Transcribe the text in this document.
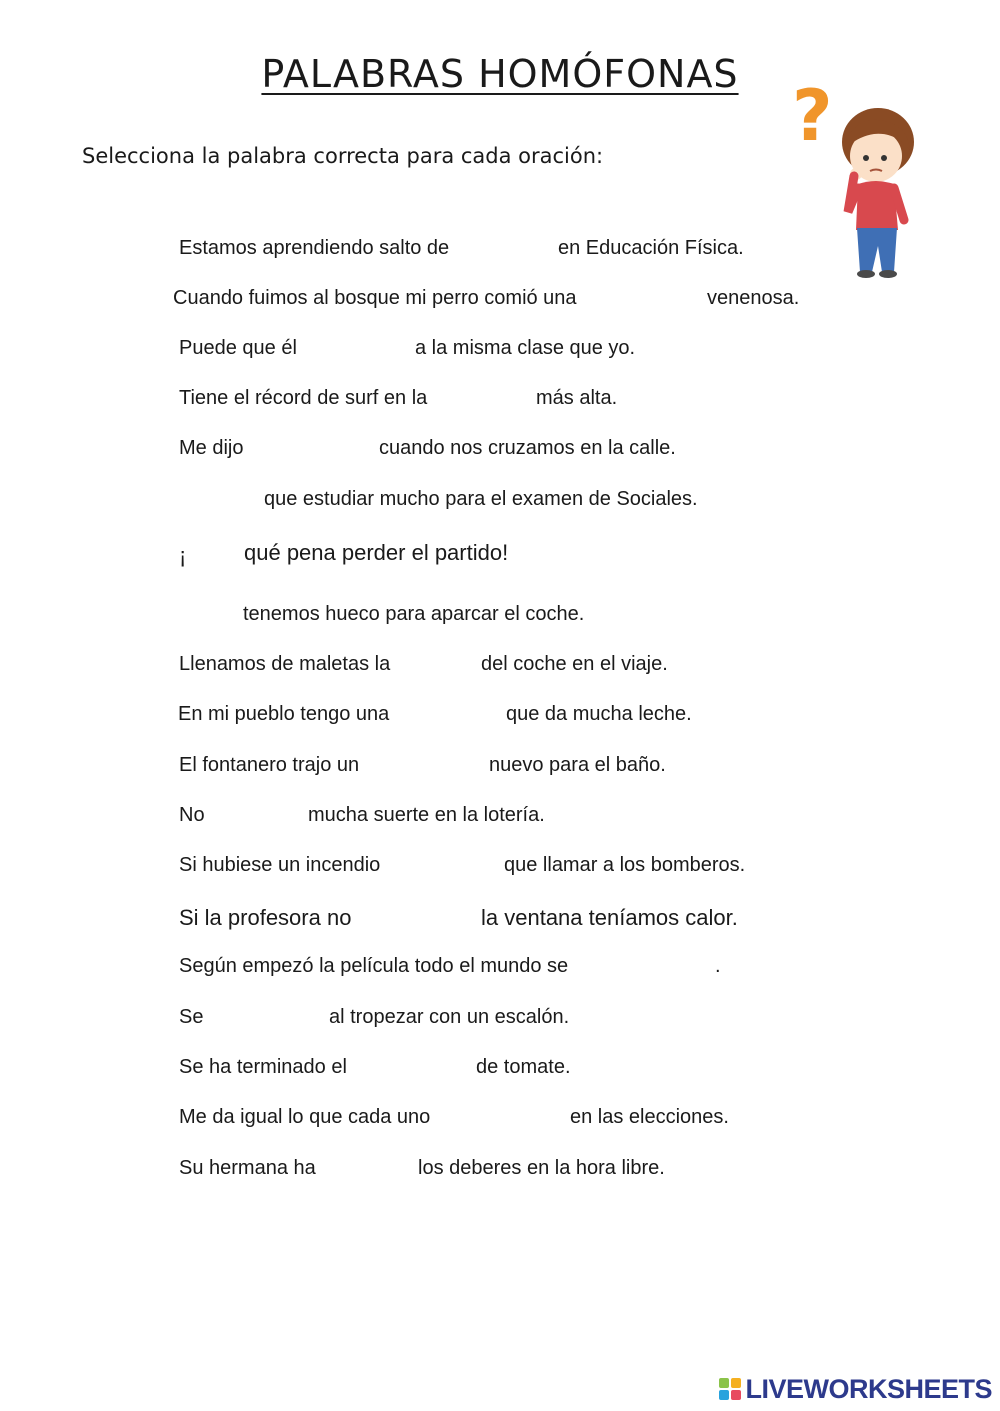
PALABRAS HOMÓFONAS
Selecciona la palabra correcta para cada oración:	?
Estamos aprendiendo salto de	en Educación Física.
Cuando fuimos al bosque mi perro comió una	venenosa.
Puede que él	a la misma clase que yo.
Tiene el récord de surf en la	más alta.
Me dijo	cuando nos cruzamos en la calle.
que estudiar mucho para el examen de Sociales.
¡	qué pena perder el partido!
tenemos hueco para aparcar el coche.
Llenamos de maletas la	del coche en el viaje.
En mi pueblo tengo una	que da mucha leche.
El fontanero trajo un	nuevo para el baño.
No	mucha suerte en la lotería.
Si hubiese un incendio	que llamar a los bomberos.
Si la profesora no	la ventana teníamos calor.
Según empezó la película todo el mundo se	.
Se	al tropezar con un escalón.
Se ha terminado el	de tomate.
Me da igual lo que cada uno	en las elecciones.
Su hermana ha	los deberes en la hora libre.
LIVEWORKSHEETS
